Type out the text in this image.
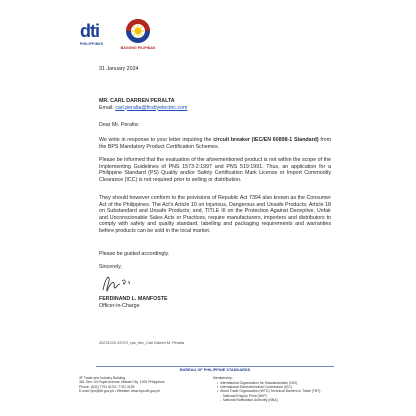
dti
PHILIPPINES
BAGONG PILIPINAS
31 January 2024
MR. CARL DARREN PERALTA
Email: carl.peralta@firstlyelectric.com
Dear Mr. Peralta:
We write in response to your letter inquiring the circuit breaker (IEC/EN 60898-1 Standard) from the BPS Mandatory Product Certification Schemes.
Please be informed that the evaluation of the aforementioned product is not within the scope of the Implementing Guidelines of PNS 1573-2:1997 and PNS 519:1991. Thus, an application for a Philippine Standard (PS) Quality and/or Safety Certification Mark License or Import Commodity Clearance (ICC) is not required prior to selling or distribution.
They should however conform to the provisions of Republic Act 7394 also known as the Consumer Act of the Philippines. The Act's Article 10 on Injurious, Dangerous and Unsafe Products; Article 18 on Substandard and Unsafe Products; and, TITLE III on the Protection Against Deceptive, Unfair and Unconscionable Sales Acts or Practices, require manufacturers, importers and distributors to comply with safety and quality standard, labelling and packaging requirements and warranties before products can be sold in the local market.
Please be guided accordingly.
Sincerely,
FERDINAND L. MANFOSTE
Officer-in-Charge
20231220-15703_cps_fmc_Carl Darren M. Peralta
BUREAU OF PHILIPPINE STANDARDS
3F Trade and Industry Building
361 Sen. Gil Puyat Avenue, Makati City, 1200 Philippines
Phone: (632) 7791.3133 / 7751.3135
E-mail: bps@dti.gov.ph • Website: www.bps.dti.gov.ph
Membership:
• International Organization for Standardization (ISO)
• International Electrotechnical Commission (IEC)
• World Trade Organization (WTO) Technical Barriers to Trade (TBT)
- National Enquiry Point (NEP)
- National Notification Authority (NNA)
